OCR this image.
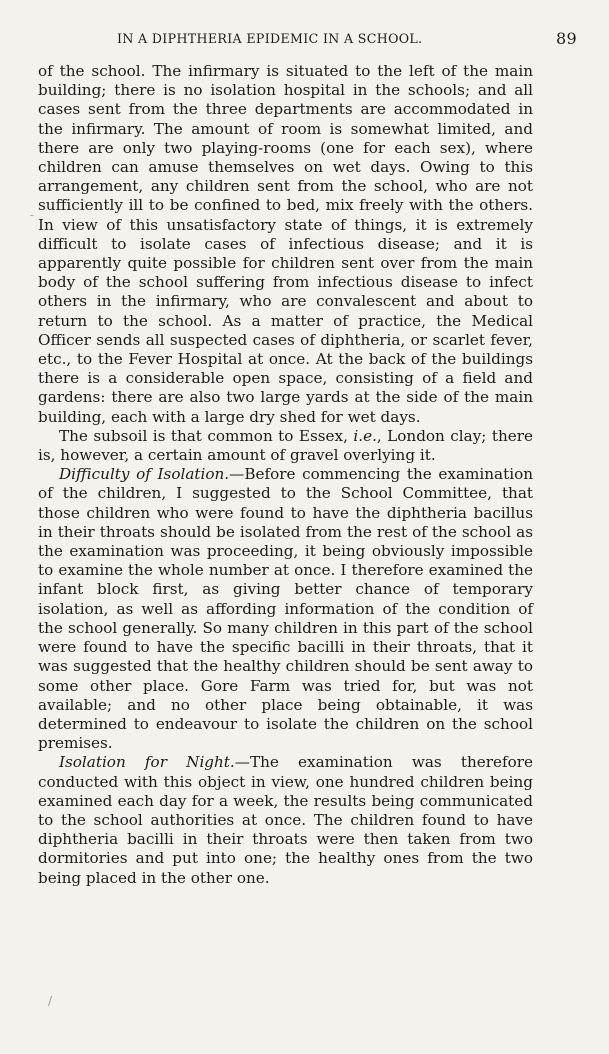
IN A DIPHTHERIA EPIDEMIC IN A SCHOOL.	89

of the school. The infirmary is situated to the left of the main building; there is no isolation hospital in the schools; and all cases sent from the three departments are accommodated in the infirmary. The amount of room is somewhat limited, and there are only two playing-rooms (one for each sex), where children can amuse themselves on wet days. Owing to this arrangement, any children sent from the school, who are not sufficiently ill to be confined to bed, mix freely with the others. In view of this unsatisfactory state of things, it is extremely difficult to isolate cases of infectious disease; and it is apparently quite possible for children sent over from the main body of the school suffering from infectious disease to infect others in the infirmary, who are convalescent and about to return to the school. As a matter of practice, the Medical Officer sends all suspected cases of diphtheria, or scarlet fever, etc., to the Fever Hospital at once. At the back of the buildings there is a considerable open space, consisting of a field and gardens: there are also two large yards at the side of the main building, each with a large dry shed for wet days.

The subsoil is that common to Essex, i.e., London clay; there is, however, a certain amount of gravel overlying it.

Difficulty of Isolation.—Before commencing the examination of the children, I suggested to the School Committee, that those children who were found to have the diphtheria bacillus in their throats should be isolated from the rest of the school as the examination was proceeding, it being obviously impossible to examine the whole number at once. I therefore examined the infant block first, as giving better chance of temporary isolation, as well as affording information of the condition of the school generally. So many children in this part of the school were found to have the specific bacilli in their throats, that it was suggested that the healthy children should be sent away to some other place. Gore Farm was tried for, but was not available; and no other place being obtainable, it was determined to endeavour to isolate the children on the school premises.

Isolation for Night.—The examination was therefore conducted with this object in view, one hundred children being examined each day for a week, the results being communicated to the school authorities at once. The children found to have diphtheria bacilli in their throats were then taken from two dormitories and put into one; the healthy ones from the two being placed in the other one.

-
/
